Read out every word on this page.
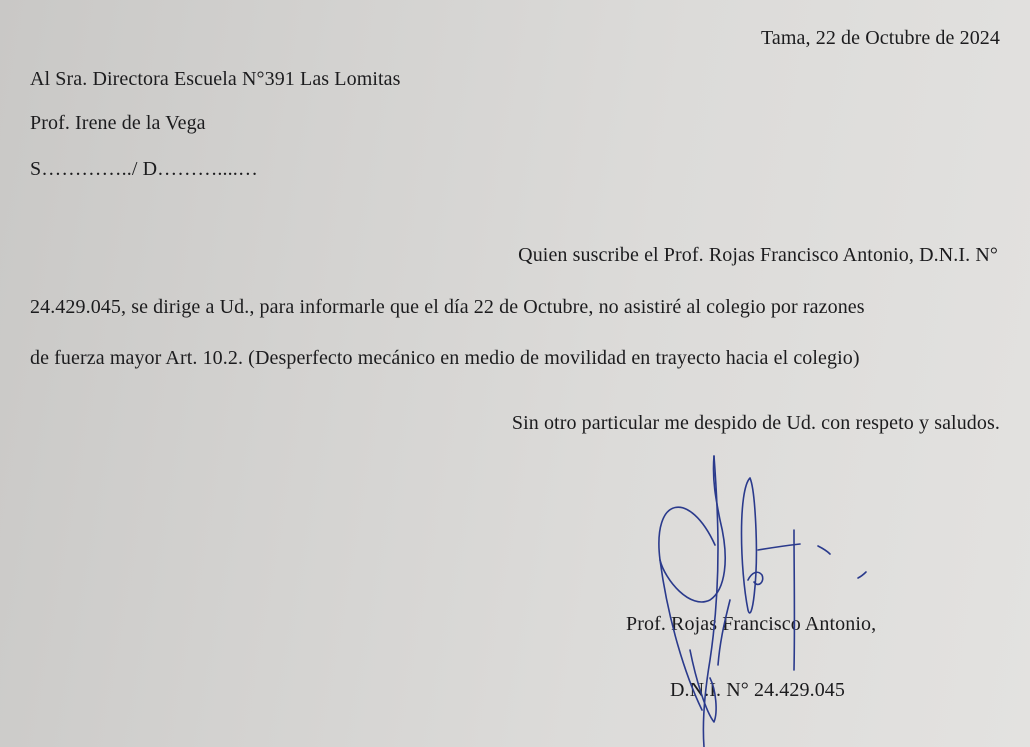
Tama, 22 de Octubre de 2024
Al Sra. Directora Escuela N°391 Las Lomitas
Prof. Irene de la Vega
S…………../ D………....…
Quien suscribe el Prof. Rojas Francisco Antonio, D.N.I. N°
24.429.045, se dirige a Ud., para informarle que el día 22 de Octubre, no asistiré al colegio por razones
de fuerza mayor Art. 10.2. (Desperfecto mecánico en medio de movilidad en trayecto hacia el colegio)
Sin otro particular me despido de Ud. con respeto y saludos.
Prof. Rojas Francisco Antonio,
D.N.I. N° 24.429.045
